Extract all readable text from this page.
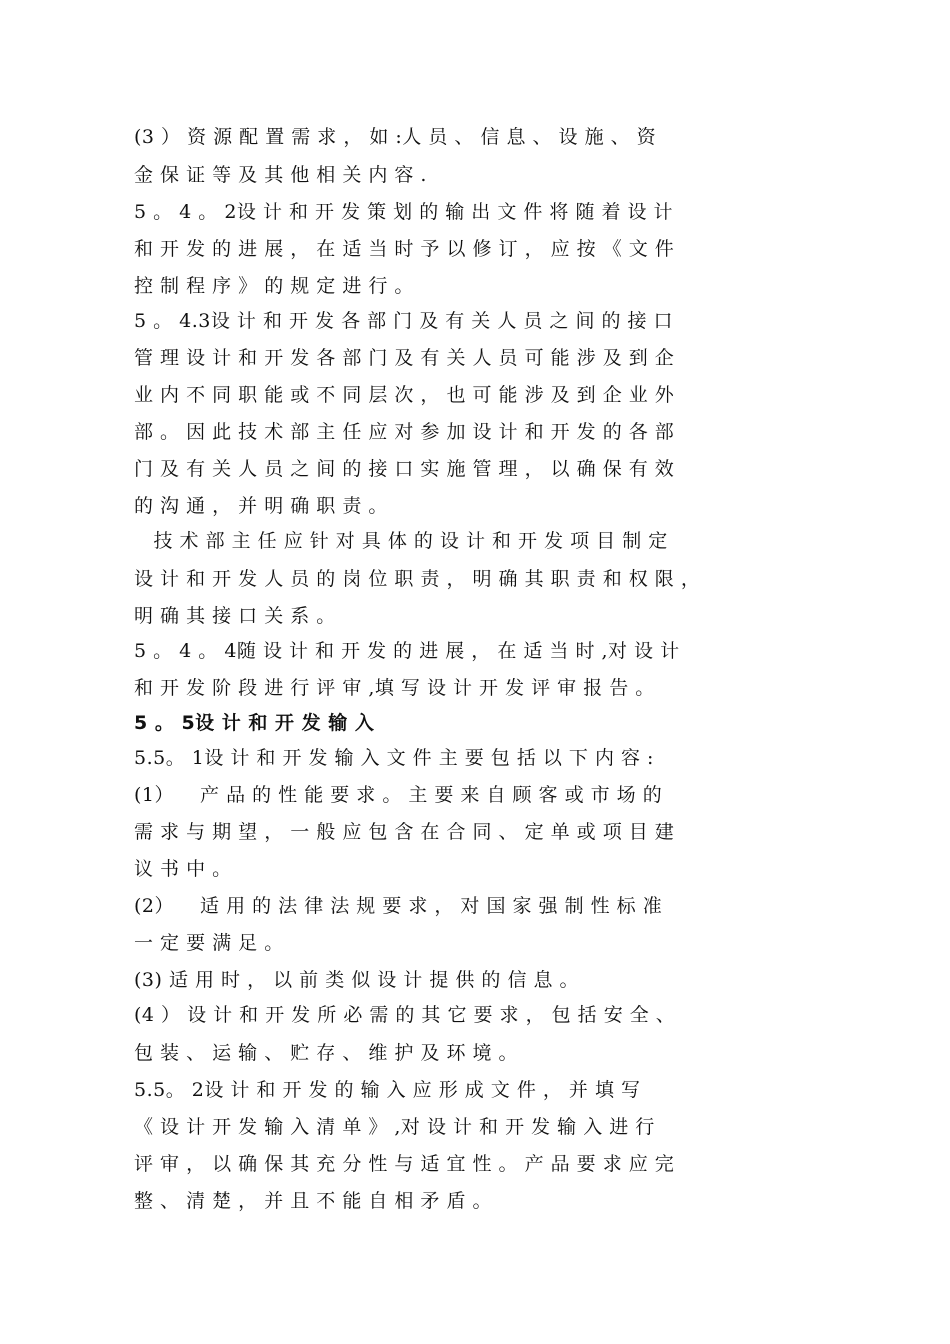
(3 ） 资 源 配 置 需 求 ， 如 :人 员 、 信 息 、 设 施 、 资
金 保 证 等 及 其 他 相 关 内 容 .
5 。 4 。 2设 计 和 开 发 策 划 的 输 出 文 件 将 随 着 设 计
和 开 发 的 进 展 ， 在 适 当 时 予 以 修 订 ， 应 按 《 文 件
控 制 程 序 》 的 规 定 进 行 。
5 。 4.3设 计 和 开 发 各 部 门 及 有 关 人 员 之 间 的 接 口
管 理 设 计 和 开 发 各 部 门 及 有 关 人 员 可 能 涉 及 到 企
业 内 不 同 职 能 或 不 同 层 次 ， 也 可 能 涉 及 到 企 业 外
部 。 因 此 技 术 部 主 任 应 对 参 加 设 计 和 开 发 的 各 部
门 及 有 关 人 员 之 间 的 接 口 实 施 管 理 ， 以 确 保 有 效
的 沟 通 ， 并 明 确 职 责 。
　技 术 部 主 任 应 针 对 具 体 的 设 计 和 开 发 项 目 制 定
设 计 和 开 发 人 员 的 岗 位 职 责 ， 明 确 其 职 责 和 权 限 ，
明 确 其 接 口 关 系 。
5 。 4 。 4随 设 计 和 开 发 的 进 展 ， 在 适 当 时 ,对 设 计
和 开 发 阶 段 进 行 评 审 ,填 写 设 计 开 发 评 审 报 告 。
5 。 5设 计 和 开 发 输 入
5.5。 1设 计 和 开 发 输 入 文 件 主 要 包 括 以 下 内 容 :
(1） 　产 品 的 性 能 要 求 。 主 要 来 自 顾 客 或 市 场 的
需 求 与 期 望 ， 一 般 应 包 含 在 合 同 、 定 单 或 项 目 建
议 书 中 。
(2） 　适 用 的 法 律 法 规 要 求 ， 对 国 家 强 制 性 标 准
一 定 要 满 足 。
(3) 适 用 时 ， 以 前 类 似 设 计 提 供 的 信 息 。
(4 ） 设 计 和 开 发 所 必 需 的 其 它 要 求 ， 包 括 安 全 、
包 装 、 运 输 、 贮 存 、 维 护 及 环 境 。
5.5。 2设 计 和 开 发 的 输 入 应 形 成 文 件 ， 并 填 写
《 设 计 开 发 输 入 清 单 》 ,对 设 计 和 开 发 输 入 进 行
评 审 ， 以 确 保 其 充 分 性 与 适 宜 性 。 产 品 要 求 应 完
整 、 清 楚 ， 并 且 不 能 自 相 矛 盾 。
